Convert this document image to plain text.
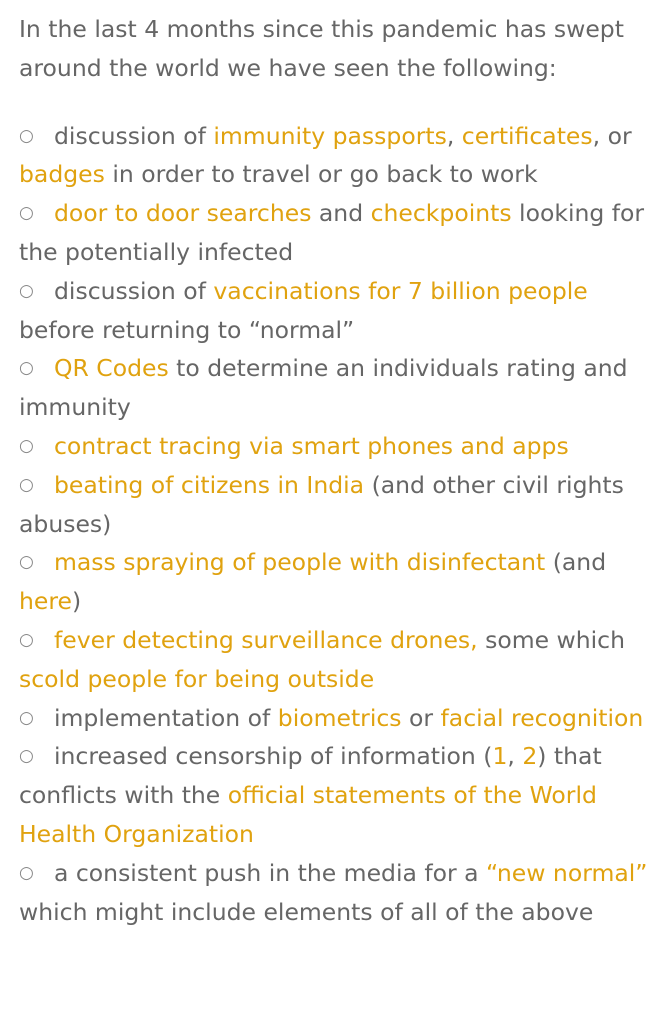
In the last 4 months since this pandemic has swept around the world we have seen the following:

○ discussion of immunity passports, certificates, or badges in order to travel or go back to work

○ door to door searches and checkpoints looking for the potentially infected

○ discussion of vaccinations for 7 billion people before returning to “normal”

○ QR Codes to determine an individuals rating and immunity

○ contract tracing via smart phones and apps

○ beating of citizens in India (and other civil rights abuses)

○ mass spraying of people with disinfectant (and here)

○ fever detecting surveillance drones, some which scold people for being outside

○ implementation of biometrics or facial recognition

○ increased censorship of information (1, 2) that conflicts with the official statements of the World Health Organization

○ a consistent push in the media for a “new normal” which might include elements of all of the above
